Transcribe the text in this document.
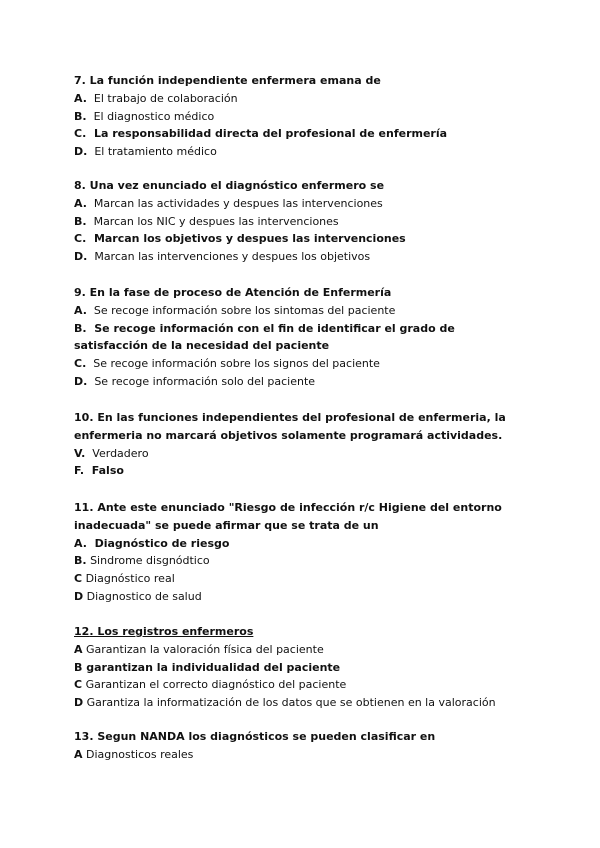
7. La función independiente enfermera emana de
A. El trabajo de colaboración
B. El diagnostico médico
C. La responsabilidad directa del profesional de enfermería
D. El tratamiento médico
8. Una vez enunciado el diagnóstico enfermero se
A. Marcan las actividades y despues las intervenciones
B. Marcan los NIC y despues las intervenciones
C. Marcan los objetivos y despues las intervenciones
D. Marcan las intervenciones y despues los objetivos
9. En la fase de proceso de Atención de Enfermería
A. Se recoge información sobre los sintomas del paciente
B. Se recoge información con el fin de identificar el grado de satisfacción de la necesidad del paciente
C. Se recoge información sobre los signos del paciente
D. Se recoge información solo del paciente
10. En las funciones independientes del profesional de enfermeria, la enfermeria no marcará objetivos solamente programará actividades.
V. Verdadero
F. Falso
11. Ante este enunciado "Riesgo de infección r/c Higiene del entorno inadecuada" se puede afirmar que se trata de un
A. Diagnóstico de riesgo
B. Sindrome disgnódtico
C Diagnóstico real
D Diagnostico de salud
12. Los registros enfermeros
A Garantizan la valoración física del paciente
B garantizan la individualidad del paciente
C Garantizan el correcto diagnóstico del paciente
D Garantiza la informatización de los datos que se obtienen en la valoración
13. Segun NANDA los diagnósticos se pueden clasificar en
A Diagnosticos reales
